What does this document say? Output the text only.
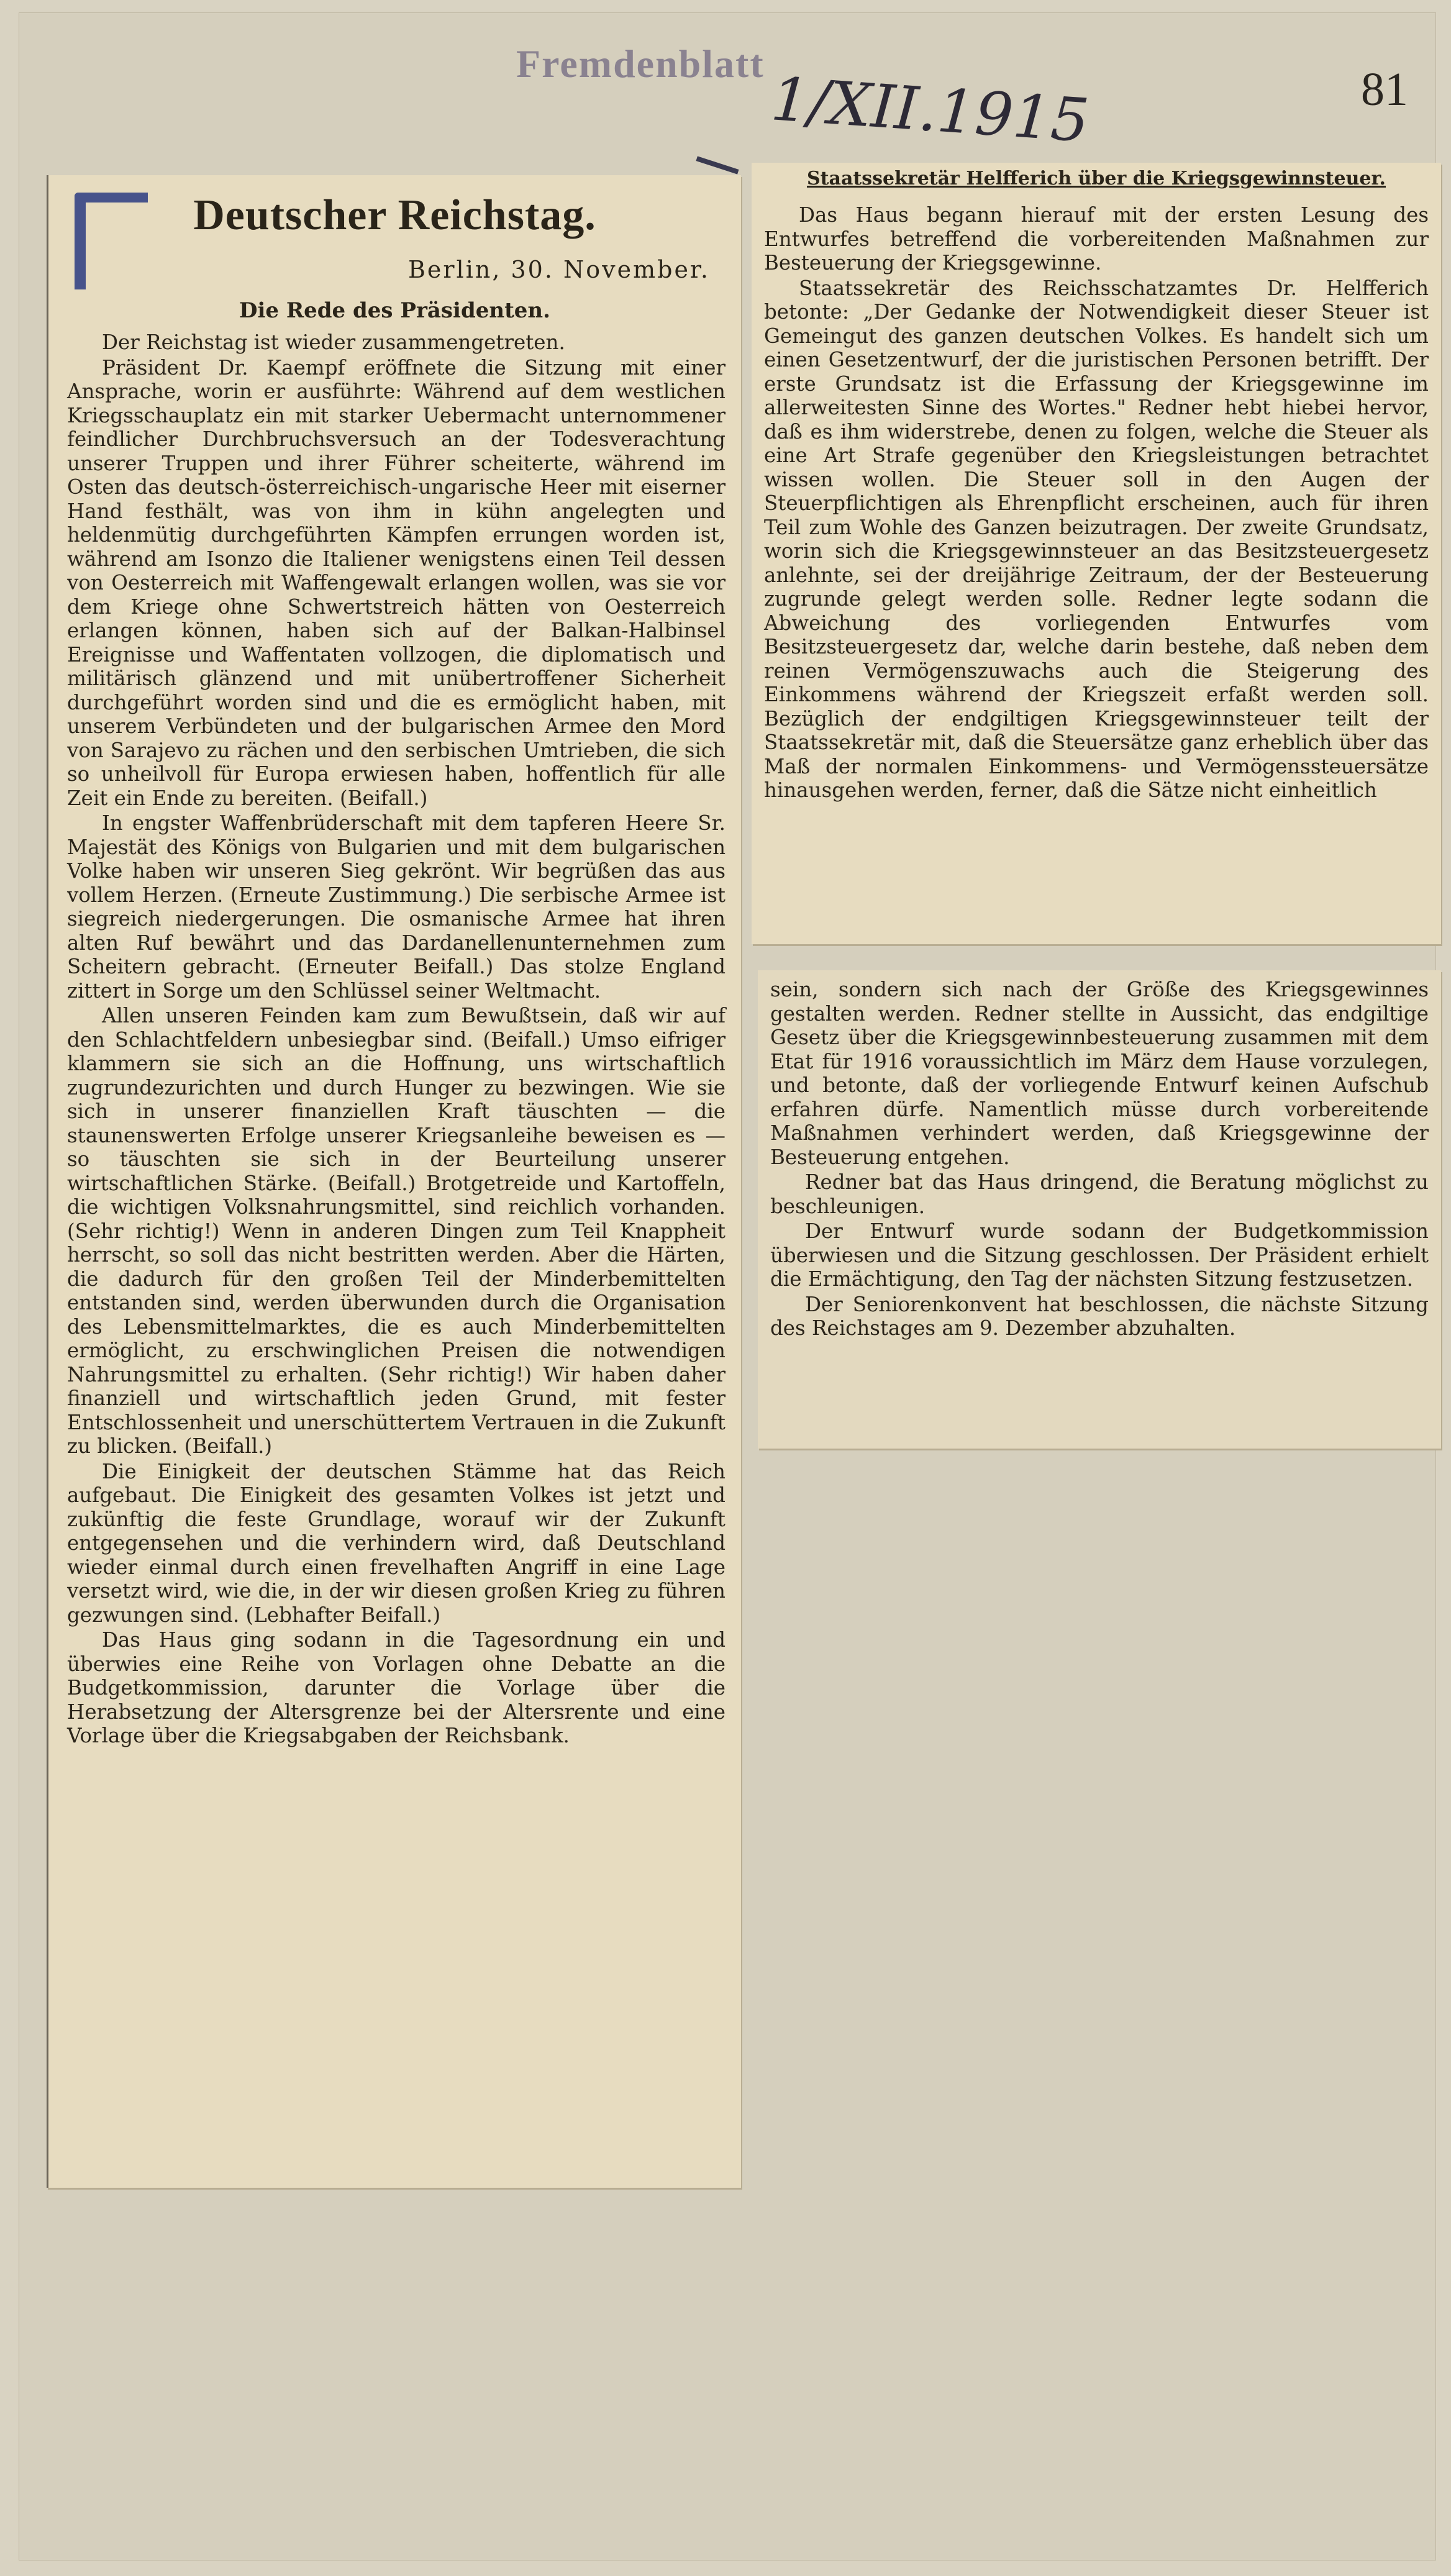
Fremdenblatt
1/XII.1915	81
Deutscher Reichstag.
Berlin, 30. November.
Die Rede des Präsidenten.

Der Reichstag ist wieder zusammengetreten.

Präsident Dr. Kaempf eröffnete die Sitzung mit einer Ansprache, worin er ausführte: Während auf dem westlichen Kriegsschauplatz ein mit starker Uebermacht unternommener feindlicher Durchbruchsversuch an der Todesverachtung unserer Truppen und ihrer Führer scheiterte, während im Osten das deutsch-österreichisch-ungarische Heer mit eiserner Hand festhält, was von ihm in kühn angelegten und heldenmütig durchgeführten Kämpfen errungen worden ist, während am Isonzo die Italiener wenigstens einen Teil dessen von Oesterreich mit Waffengewalt erlangen wollen, was sie vor dem Kriege ohne Schwertstreich hätten von Oesterreich erlangen können, haben sich auf der Balkan-Halbinsel Ereignisse und Waffentaten vollzogen, die diplomatisch und militärisch glänzend und mit unübertroffener Sicherheit durchgeführt worden sind und die es ermöglicht haben, mit unserem Verbündeten und der bulgarischen Armee den Mord von Sarajevo zu rächen und den serbischen Umtrieben, die sich so unheilvoll für Europa erwiesen haben, hoffentlich für alle Zeit ein Ende zu bereiten. (Beifall.)

In engster Waffenbrüderschaft mit dem tapferen Heere Sr. Majestät des Königs von Bulgarien und mit dem bulgarischen Volke haben wir unseren Sieg gekrönt. Wir begrüßen das aus vollem Herzen. (Erneute Zustimmung.) Die serbische Armee ist siegreich niedergerungen. Die osmanische Armee hat ihren alten Ruf bewährt und das Dardanellenunternehmen zum Scheitern gebracht. (Erneuter Beifall.) Das stolze England zittert in Sorge um den Schlüssel seiner Weltmacht.

Allen unseren Feinden kam zum Bewußtsein, daß wir auf den Schlachtfeldern unbesiegbar sind. (Beifall.) Umso eifriger klammern sie sich an die Hoffnung, uns wirtschaftlich zugrundezurichten und durch Hunger zu bezwingen. Wie sie sich in unserer finanziellen Kraft täuschten — die staunenswerten Erfolge unserer Kriegsanleihe beweisen es — so täuschten sie sich in der Beurteilung unserer wirtschaftlichen Stärke. (Beifall.) Brotgetreide und Kartoffeln, die wichtigen Volksnahrungsmittel, sind reichlich vorhanden. (Sehr richtig!) Wenn in anderen Dingen zum Teil Knappheit herrscht, so soll das nicht bestritten werden. Aber die Härten, die dadurch für den großen Teil der Minderbemittelten entstanden sind, werden überwunden durch die Organisation des Lebensmittelmarktes, die es auch Minderbemittelten ermöglicht, zu erschwinglichen Preisen die notwendigen Nahrungsmittel zu erhalten. (Sehr richtig!) Wir haben daher finanziell und wirtschaftlich jeden Grund, mit fester Entschlossenheit und unerschüttertem Vertrauen in die Zukunft zu blicken. (Beifall.)

Die Einigkeit der deutschen Stämme hat das Reich aufgebaut. Die Einigkeit des gesamten Volkes ist jetzt und zukünftig die feste Grundlage, worauf wir der Zukunft entgegensehen und die verhindern wird, daß Deutschland wieder einmal durch einen frevelhaften Angriff in eine Lage versetzt wird, wie die, in der wir diesen großen Krieg zu führen gezwungen sind. (Lebhafter Beifall.)

Das Haus ging sodann in die Tagesordnung ein und überwies eine Reihe von Vorlagen ohne Debatte an die Budgetkommission, darunter die Vorlage über die Herabsetzung der Altersgrenze bei der Altersrente und eine Vorlage über die Kriegsabgaben der Reichsbank.

Staatssekretär Helfferich über die Kriegsgewinnsteuer.

Das Haus begann hierauf mit der ersten Lesung des Entwurfes betreffend die vorbereitenden Maßnahmen zur Besteuerung der Kriegsgewinne.

Staatssekretär des Reichsschatzamtes Dr. Helfferich betonte: „Der Gedanke der Notwendigkeit dieser Steuer ist Gemeingut des ganzen deutschen Volkes. Es handelt sich um einen Gesetzentwurf, der die juristischen Personen betrifft. Der erste Grundsatz ist die Erfassung der Kriegsgewinne im allerweitesten Sinne des Wortes." Redner hebt hiebei hervor, daß es ihm widerstrebe, denen zu folgen, welche die Steuer als eine Art Strafe gegenüber den Kriegsleistungen betrachtet wissen wollen. Die Steuer soll in den Augen der Steuerpflichtigen als Ehrenpflicht erscheinen, auch für ihren Teil zum Wohle des Ganzen beizutragen. Der zweite Grundsatz, worin sich die Kriegsgewinnsteuer an das Besitzsteuergesetz anlehnte, sei der dreijährige Zeitraum, der der Besteuerung zugrunde gelegt werden solle. Redner legte sodann die Abweichung des vorliegenden Entwurfes vom Besitzsteuergesetz dar, welche darin bestehe, daß neben dem reinen Vermögenszuwachs auch die Steigerung des Einkommens während der Kriegszeit erfaßt werden soll. Bezüglich der endgiltigen Kriegsgewinnsteuer teilt der Staatssekretär mit, daß die Steuersätze ganz erheblich über das Maß der normalen Einkommens- und Vermögenssteuersätze hinausgehen werden, ferner, daß die Sätze nicht einheitlich

sein, sondern sich nach der Größe des Kriegsgewinnes gestalten werden. Redner stellte in Aussicht, das endgiltige Gesetz über die Kriegsgewinnbesteuerung zusammen mit dem Etat für 1916 voraussichtlich im März dem Hause vorzulegen, und betonte, daß der vorliegende Entwurf keinen Aufschub erfahren dürfe. Namentlich müsse durch vorbereitende Maßnahmen verhindert werden, daß Kriegsgewinne der Besteuerung entgehen.

Redner bat das Haus dringend, die Beratung möglichst zu beschleunigen.

Der Entwurf wurde sodann der Budgetkommission überwiesen und die Sitzung geschlossen. Der Präsident erhielt die Ermächtigung, den Tag der nächsten Sitzung festzusetzen.

Der Seniorenkonvent hat beschlossen, die nächste Sitzung des Reichstages am 9. Dezember abzuhalten.
